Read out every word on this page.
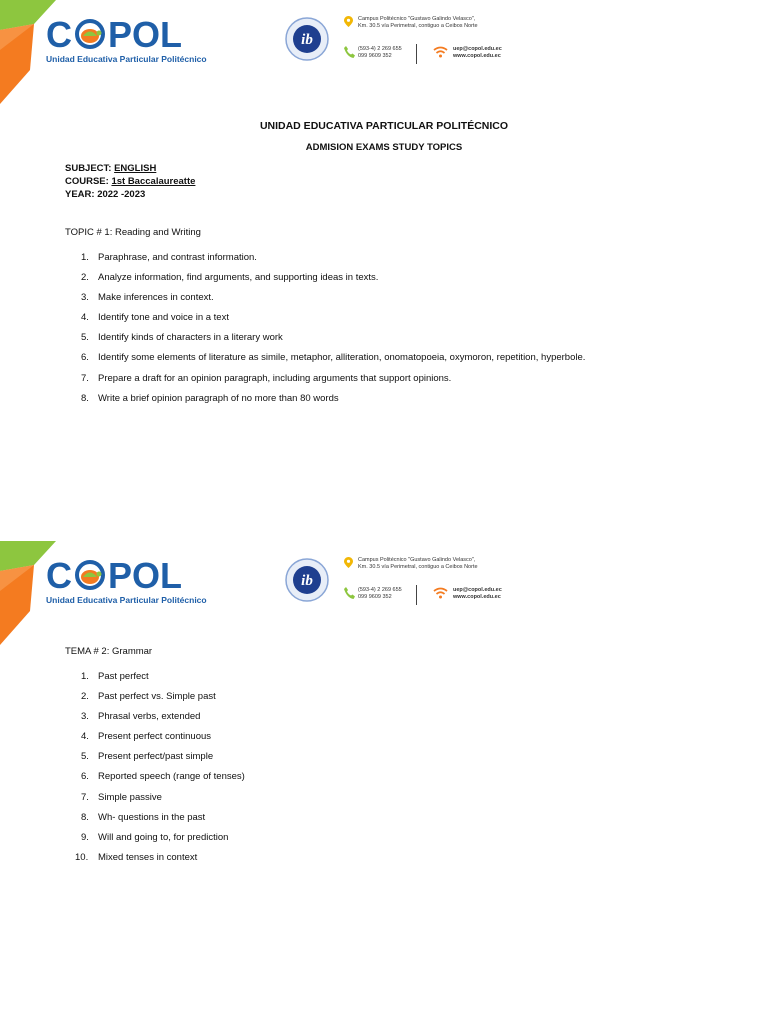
C POL
Unidad Educativa Particular Politécnico
ib
Campus Politécnico "Gustavo Galindo Velasco",
Km. 30.5 vía Perimetral, contiguo a Ceibos Norte
(593-4) 2 269 655
099 9609 352
uep@copol.edu.ec
www.copol.edu.ec
UNIDAD EDUCATIVA PARTICULAR POLITÉCNICO
ADMISION EXAMS STUDY TOPICS
SUBJECT: ENGLISH
COURSE: 1st Baccalaureatte
YEAR: 2022 -2023
TOPIC # 1: Reading and Writing
1. Paraphrase, and contrast information.
2. Analyze information, find arguments, and supporting ideas in texts.
3. Make inferences in context.
4. Identify tone and voice in a text
5. Identify kinds of characters in a literary work
6. Identify some elements of literature as simile, metaphor, alliteration, onomatopoeia, oxymoron, repetition, hyperbole.
7. Prepare a draft for an opinion paragraph, including arguments that support opinions.
8. Write a brief opinion paragraph of no more than 80 words
C POL
Unidad Educativa Particular Politécnico
ib
Campus Politécnico "Gustavo Galindo Velasco",
Km. 30.5 vía Perimetral, contiguo a Ceibos Norte
(593-4) 2 269 655
099 9609 352
uep@copol.edu.ec
www.copol.edu.ec
TEMA # 2: Grammar
1. Past perfect
2. Past perfect vs. Simple past
3. Phrasal verbs, extended
4. Present perfect continuous
5. Present perfect/past simple
6. Reported speech (range of tenses)
7. Simple passive
8. Wh- questions in the past
9. Will and going to, for prediction
10. Mixed tenses in context
